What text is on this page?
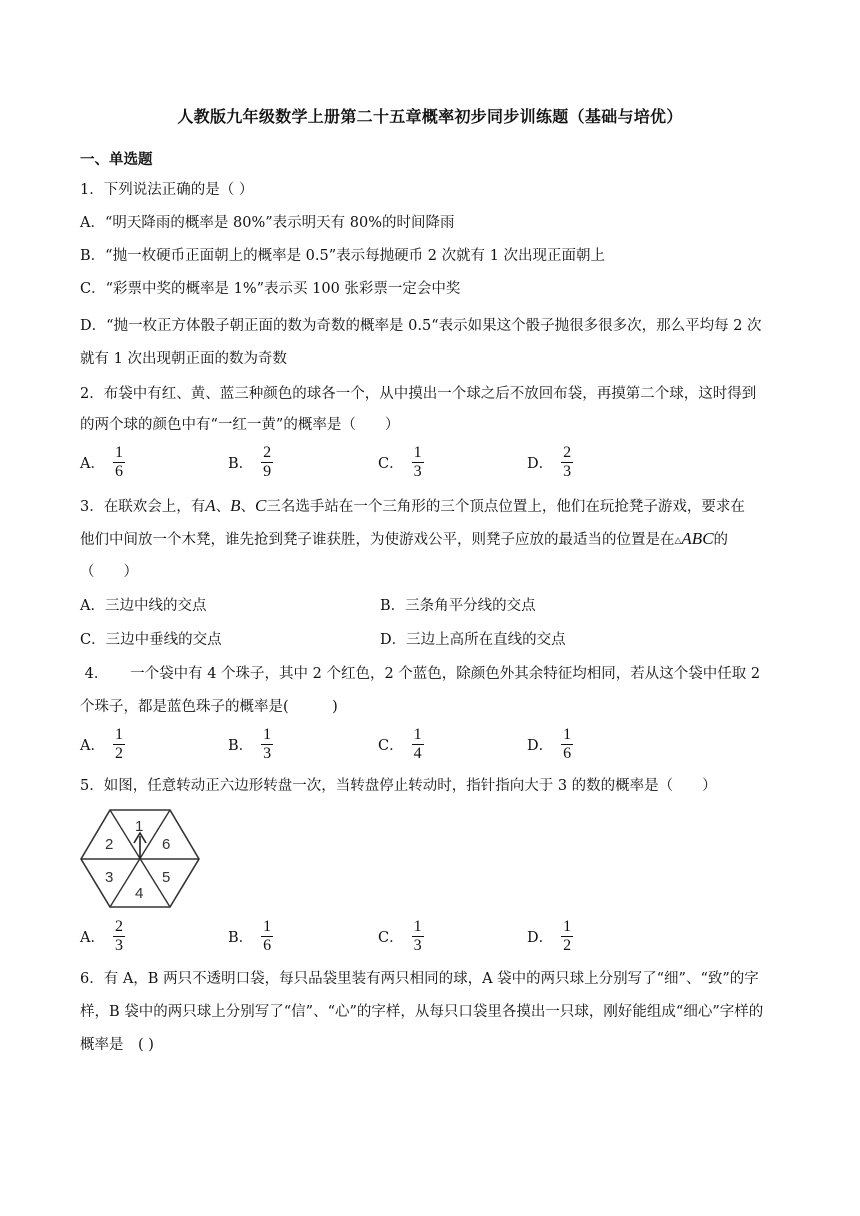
人教版九年级数学上册第二十五章概率初步同步训练题（基础与培优）
一、单选题
1．下列说法正确的是（ ）
A．“明天降雨的概率是 80%”表示明天有 80%的时间降雨
B．“抛一枚硬币正面朝上的概率是 0.5”表示每抛硬币 2 次就有 1 次出现正面朝上
C．“彩票中奖的概率是 1%”表示买 100 张彩票一定会中奖
D．“抛一枚正方体骰子朝正面的数为奇数的概率是 0.5“表示如果这个骰子抛很多很多次，那么平均每 2 次
就有 1 次出现朝正面的数为奇数
2．布袋中有红、黄、蓝三种颜色的球各一个，从中摸出一个球之后不放回布袋，再摸第二个球，这时得到
的两个球的颜色中有“一红一黄”的概率是（　　）
A． $\frac{1}{6}$	B． $\frac{2}{9}$	C． $\frac{1}{3}$	D． $\frac{2}{3}$
3．在联欢会上，有A、B、C三名选手站在一个三角形的三个顶点位置上，他们在玩抢凳子游戏，要求在
他们中间放一个木凳，谁先抢到凳子谁获胜，为使游戏公平，则凳子应放的最适当的位置是在△ABC的
（　　）
A．三边中线的交点	B．三条角平分线的交点
C．三边中垂线的交点	D．三边上高所在直线的交点
4．　　一个袋中有 4 个珠子，其中 2 个红色，2 个蓝色，除颜色外其余特征均相同，若从这个袋中任取 2
个珠子，都是蓝色珠子的概率是(　　　)
A． $\frac{1}{2}$	B． $\frac{1}{3}$	C． $\frac{1}{4}$	D． $\frac{1}{6}$
5．如图，任意转动正六边形转盘一次，当转盘停止转动时，指针指向大于 3 的数的概率是（　　）
1
6
5
4
3
2
A． $\frac{2}{3}$	B． $\frac{1}{6}$	C． $\frac{1}{3}$	D． $\frac{1}{2}$
6．有 A，B 两只不透明口袋，每只品袋里装有两只相同的球，A 袋中的两只球上分别写了“细”、“致”的字
样，B 袋中的两只球上分别写了“信”、“心”的字样，从每只口袋里各摸出一只球，刚好能组成“细心”字样的
概率是　( )
